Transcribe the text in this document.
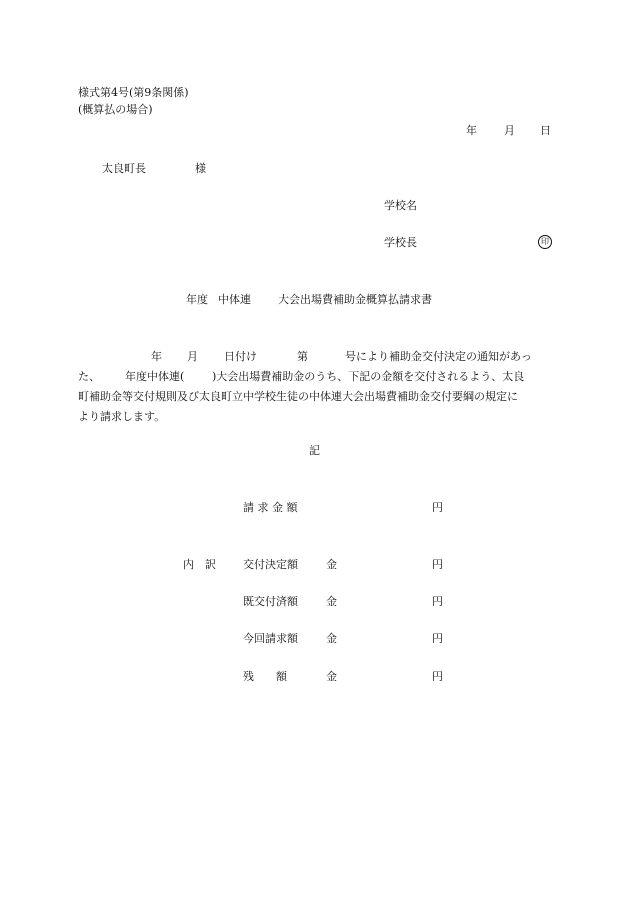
様式第4号(第9条関係)
(概算払の場合)
年 月 日
太良町長	様
学校名
学校長	印
年度 中体連 大会出場費補助金概算払請求書
年 月 日付け	第	号により補助金交付決定の通知があっ
た、 年度中体連(	)大会出場費補助金のうち、下記の金額を交付されるよう、太良
町補助金等交付規則及び太良町立中学校生徒の中体連大会出場費補助金交付要綱の規定に
より請求します。
記
請 求 金 額	円
内　訳 交付決定額	金	円
既交付済額	金	円
今回請求額	金	円
残　　額	金	円
